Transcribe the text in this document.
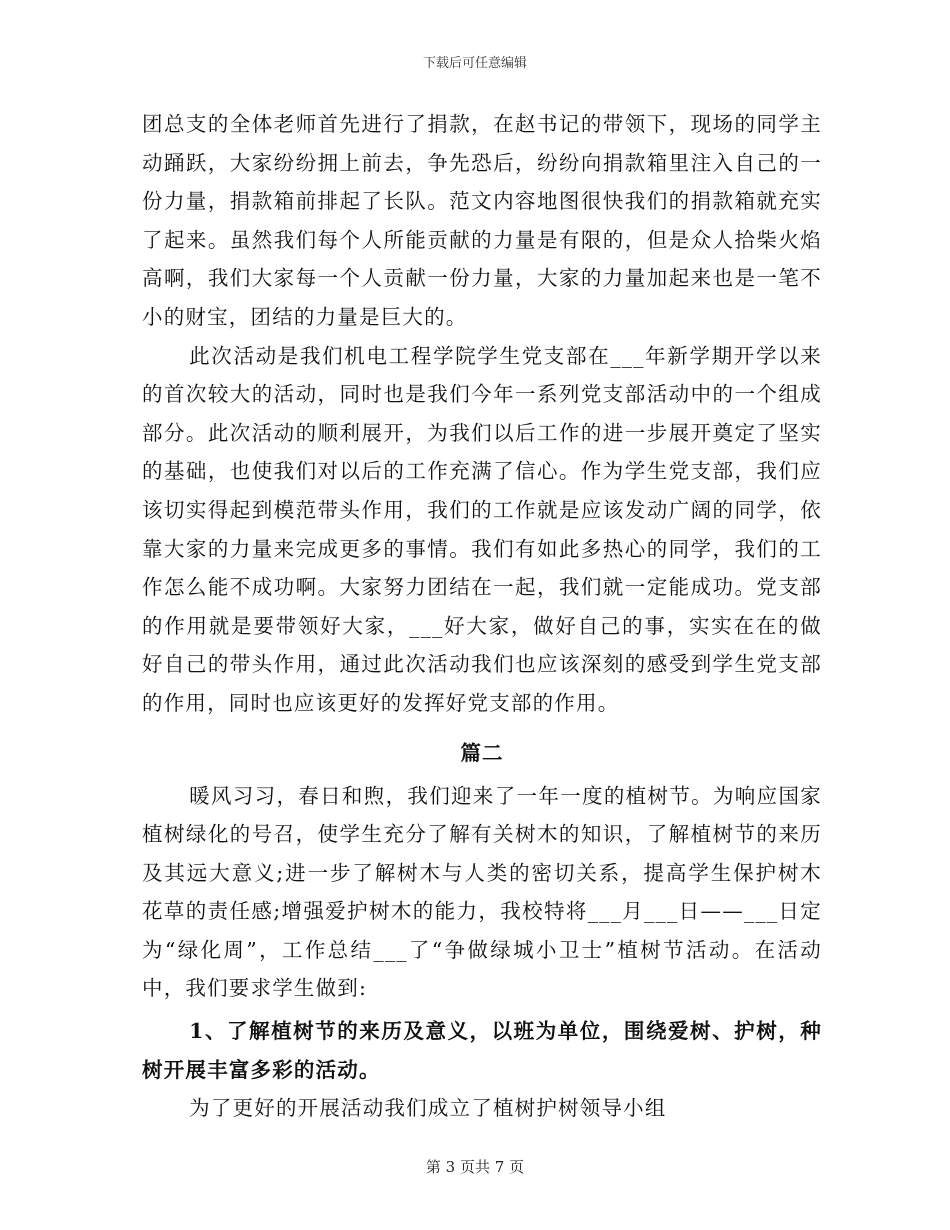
下载后可任意编辑

团总支的全体老师首先进行了捐款，在赵书记的带领下，现场的同学主动踊跃，大家纷纷拥上前去，争先恐后，纷纷向捐款箱里注入自己的一份力量，捐款箱前排起了长队。范文内容地图很快我们的捐款箱就充实了起来。虽然我们每个人所能贡献的力量是有限的，但是众人拾柴火焰高啊，我们大家每一个人贡献一份力量，大家的力量加起来也是一笔不小的财宝，团结的力量是巨大的。

此次活动是我们机电工程学院学生党支部在___年新学期开学以来的首次较大的活动，同时也是我们今年一系列党支部活动中的一个组成部分。此次活动的顺利展开，为我们以后工作的进一步展开奠定了坚实的基础，也使我们对以后的工作充满了信心。作为学生党支部，我们应该切实得起到模范带头作用，我们的工作就是应该发动广阔的同学，依靠大家的力量来完成更多的事情。我们有如此多热心的同学，我们的工作怎么能不成功啊。大家努力团结在一起，我们就一定能成功。党支部的作用就是要带领好大家，___好大家，做好自己的事，实实在在的做好自己的带头作用，通过此次活动我们也应该深刻的感受到学生党支部的作用，同时也应该更好的发挥好党支部的作用。

篇二

暖风习习，春日和煦，我们迎来了一年一度的植树节。为响应国家植树绿化的号召，使学生充分了解有关树木的知识，了解植树节的来历及其远大意义;进一步了解树木与人类的密切关系，提高学生保护树木花草的责任感;增强爱护树木的能力，我校特将___月___日——___日定为“绿化周”，工作总结___了“争做绿城小卫士”植树节活动。在活动中，我们要求学生做到:

1、了解植树节的来历及意义，以班为单位，围绕爱树、护树，种树开展丰富多彩的活动。

为了更好的开展活动我们成立了植树护树领导小组

第 3 页共 7 页
